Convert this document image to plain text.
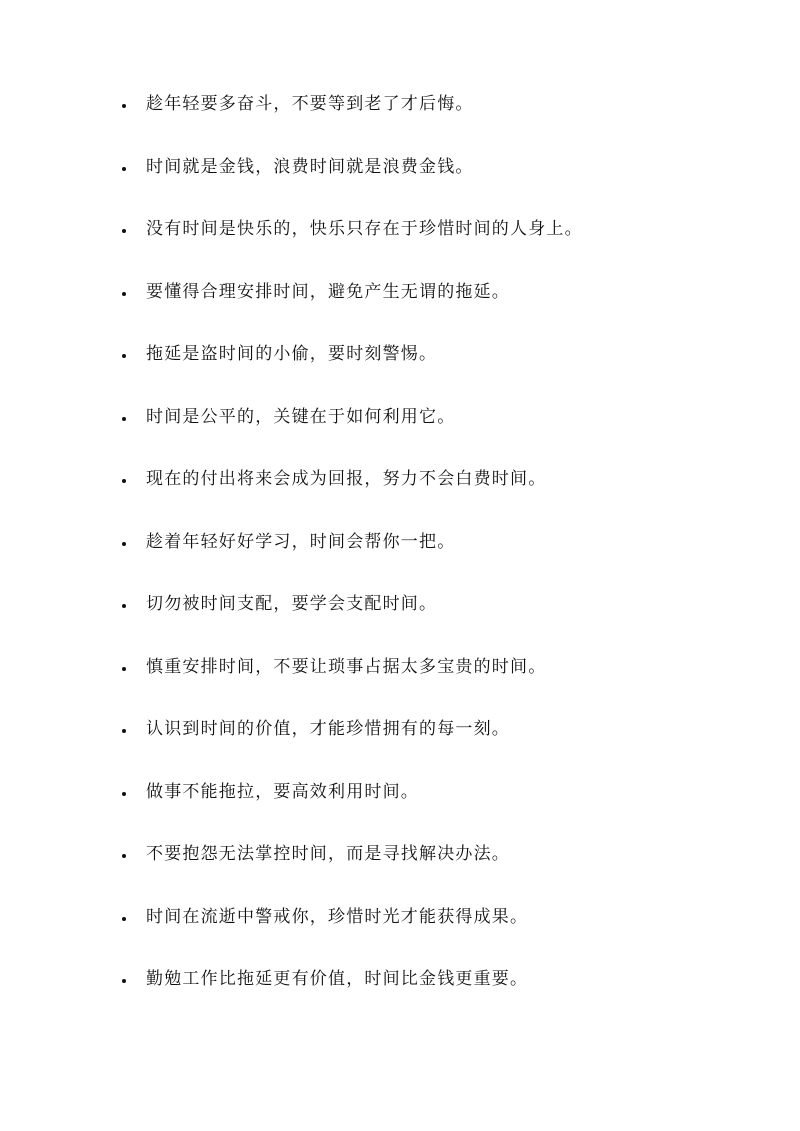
趁年轻要多奋斗，不要等到老了才后悔。
时间就是金钱，浪费时间就是浪费金钱。
没有时间是快乐的，快乐只存在于珍惜时间的人身上。
要懂得合理安排时间，避免产生无谓的拖延。
拖延是盗时间的小偷，要时刻警惕。
时间是公平的，关键在于如何利用它。
现在的付出将来会成为回报，努力不会白费时间。
趁着年轻好好学习，时间会帮你一把。
切勿被时间支配，要学会支配时间。
慎重安排时间，不要让琐事占据太多宝贵的时间。
认识到时间的价值，才能珍惜拥有的每一刻。
做事不能拖拉，要高效利用时间。
不要抱怨无法掌控时间，而是寻找解决办法。
时间在流逝中警戒你，珍惜时光才能获得成果。
勤勉工作比拖延更有价值，时间比金钱更重要。
